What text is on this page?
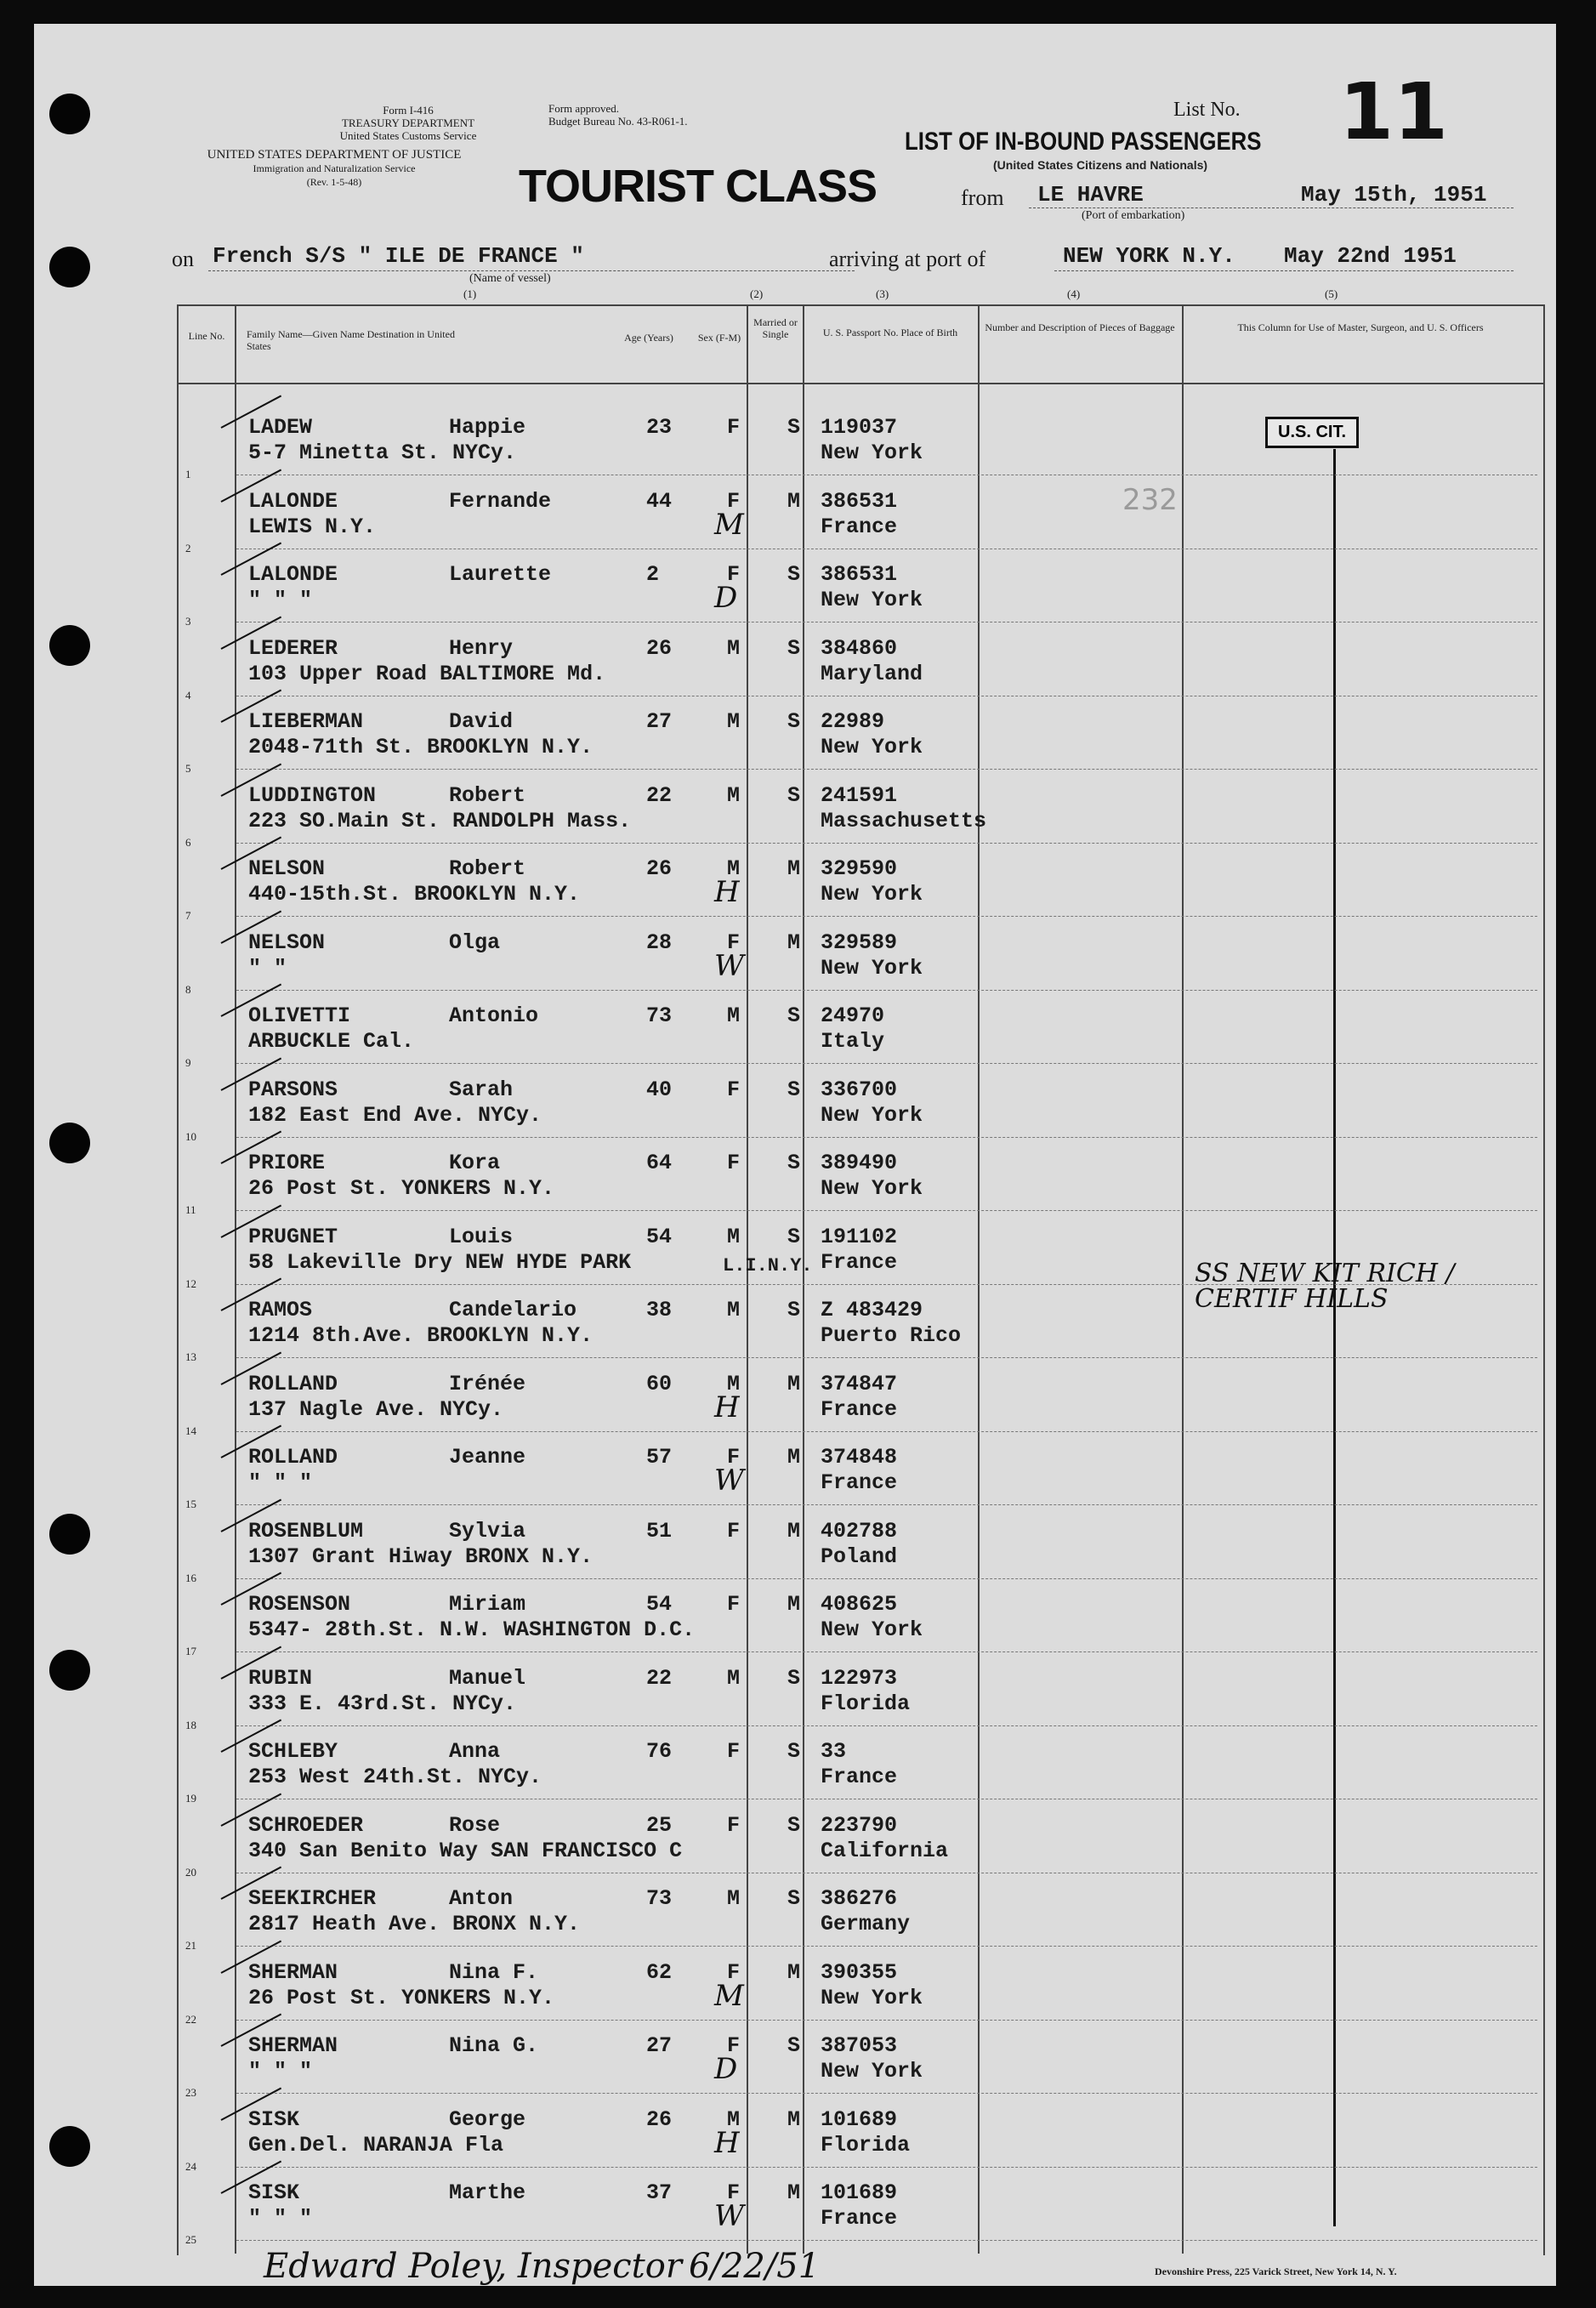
Form I-416
TREASURY DEPARTMENT
United States Customs Service
Form approved.
Budget Bureau No. 43-R061-1.
UNITED STATES DEPARTMENT OF JUSTICE
Immigration and Naturalization Service
(Rev. 1-5-48)
List No. 11
LIST OF IN-BOUND PASSENGERS
(United States Citizens and Nationals)
TOURIST CLASS	from LE HAVRE	May 15th, 1951
(Port of embarkation)
on French S/S " ILE DE FRANCE "
(Name of vessel)
arriving at port of	NEW YORK N.Y. May 22nd 1951
(1)	(2)	(3)	(4)	(5)
Line No.	Family Name—Given Name Destination in United States
Age (Years)	Sex (F-M)
Married or Single	U. S. Passport No. Place of Birth	Number and Description of Pieces of Baggage	This Column for Use of Master, Surgeon, and U. S. Officers
U.S. CIT.
232
SS NEW KIT RICH / CERTIF HILLS
L.I.N.Y.
1
LADEW	Happie	23	F S 119037
5-7 Minetta St. NYCy.	New York
2
LALONDE	Fernande	44	F M 386531
LEWIS N.Y.	France
M
3
LALONDE	Laurette	2	F S 386531
" " "	New York
D
4
LEDERER	Henry	26	M S 384860
103 Upper Road BALTIMORE Md.	Maryland
5
LIEBERMAN	David	27	M S 22989
2048-71th St. BROOKLYN N.Y.	New York
6
LUDDINGTON	Robert	22	M S 241591
223 SO.Main St. RANDOLPH Mass.	Massachusetts
7
NELSON	Robert	26	M M 329590
440-15th.St. BROOKLYN N.Y.	New York
H
8
NELSON	Olga	28	F M 329589
" "	New York
W
9
OLIVETTI	Antonio	73	M S 24970
ARBUCKLE Cal.	Italy
10
PARSONS	Sarah	40	F S 336700
182 East End Ave. NYCy.	New York
11
PRIORE	Kora	64	F S 389490
26 Post St. YONKERS N.Y.	New York
12
PRUGNET	Louis	54	M S 191102
58 Lakeville Dry NEW HYDE PARK	France
13
RAMOS	Candelario	38	M S Z 483429
1214 8th.Ave. BROOKLYN N.Y.	Puerto Rico
14
ROLLAND	Irénée	60	M M 374847
137 Nagle Ave. NYCy.	France
H
15
ROLLAND	Jeanne	57	F M 374848
" " "	France
W
16
ROSENBLUM	Sylvia	51	F M 402788
1307 Grant Hiway BRONX N.Y.	Poland
17
ROSENSON	Miriam	54	F M 408625
5347- 28th.St. N.W. WASHINGTON D.C.	New York
18
RUBIN	Manuel	22	M S 122973
333 E. 43rd.St. NYCy.	Florida
19
SCHLEBY	Anna	76	F S 33
253 West 24th.St. NYCy.	France
20
SCHROEDER	Rose	25	F S 223790
340 San Benito Way SAN FRANCISCO C	California
21
SEEKIRCHER	Anton	73	M S 386276
2817 Heath Ave. BRONX N.Y.	Germany
22
SHERMAN	Nina F.	62	F M 390355
26 Post St. YONKERS N.Y.	New York
M
23
SHERMAN	Nina G.	27	F S 387053
" " "	New York
D
24
SISK	George	26	M M 101689
Gen.Del. NARANJA Fla	Florida
H
25
SISK	Marthe	37	F M 101689
" " "	France
W
Edward Poley, Inspector 6/22/51	Devonshire Press, 225 Varick Street, New York 14, N. Y.
